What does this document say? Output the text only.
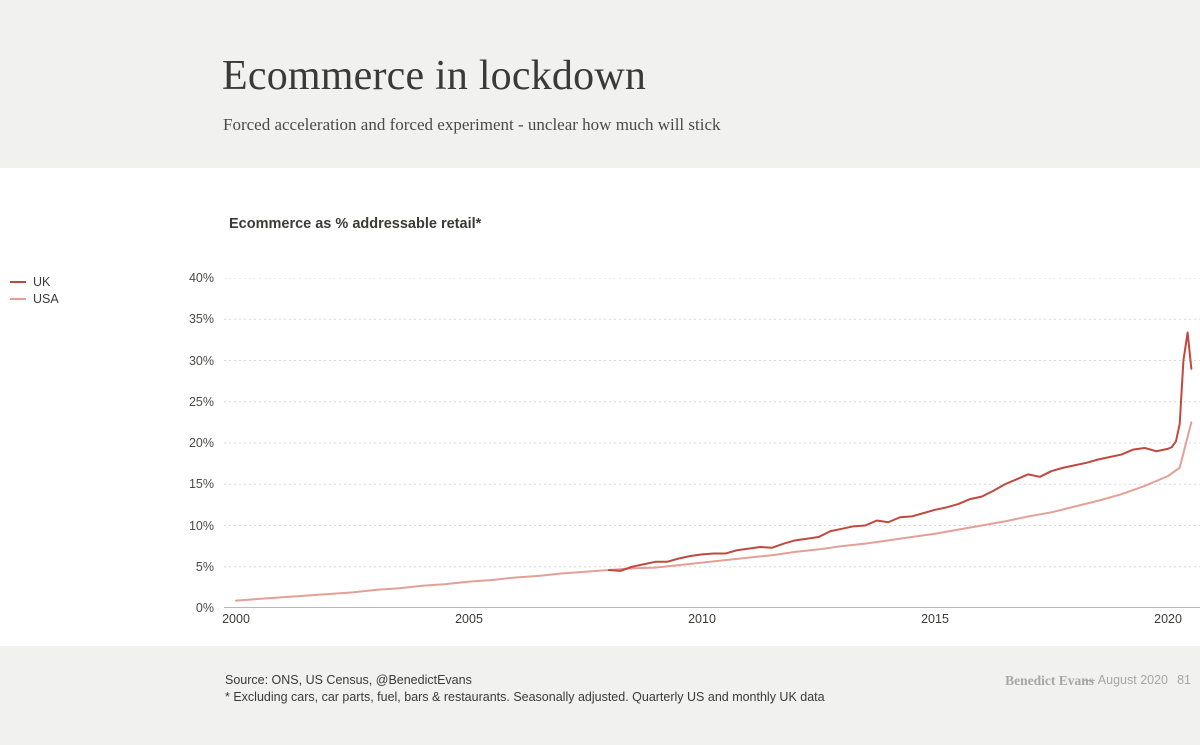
Ecommerce in lockdown
Forced acceleration and forced experiment - unclear how much will stick
Ecommerce as % addressable retail*
UK
USA
0%
5%
10%
15%
20%
25%
30%
35%
40%
2000	2005	2010	2015	2020
Source: ONS, US Census, @BenedictEvans
* Excluding cars, car parts, fuel, bars & restaurants. Seasonally adjusted. Quarterly US and monthly UK data
Benedict Evans
— August 2020 81
